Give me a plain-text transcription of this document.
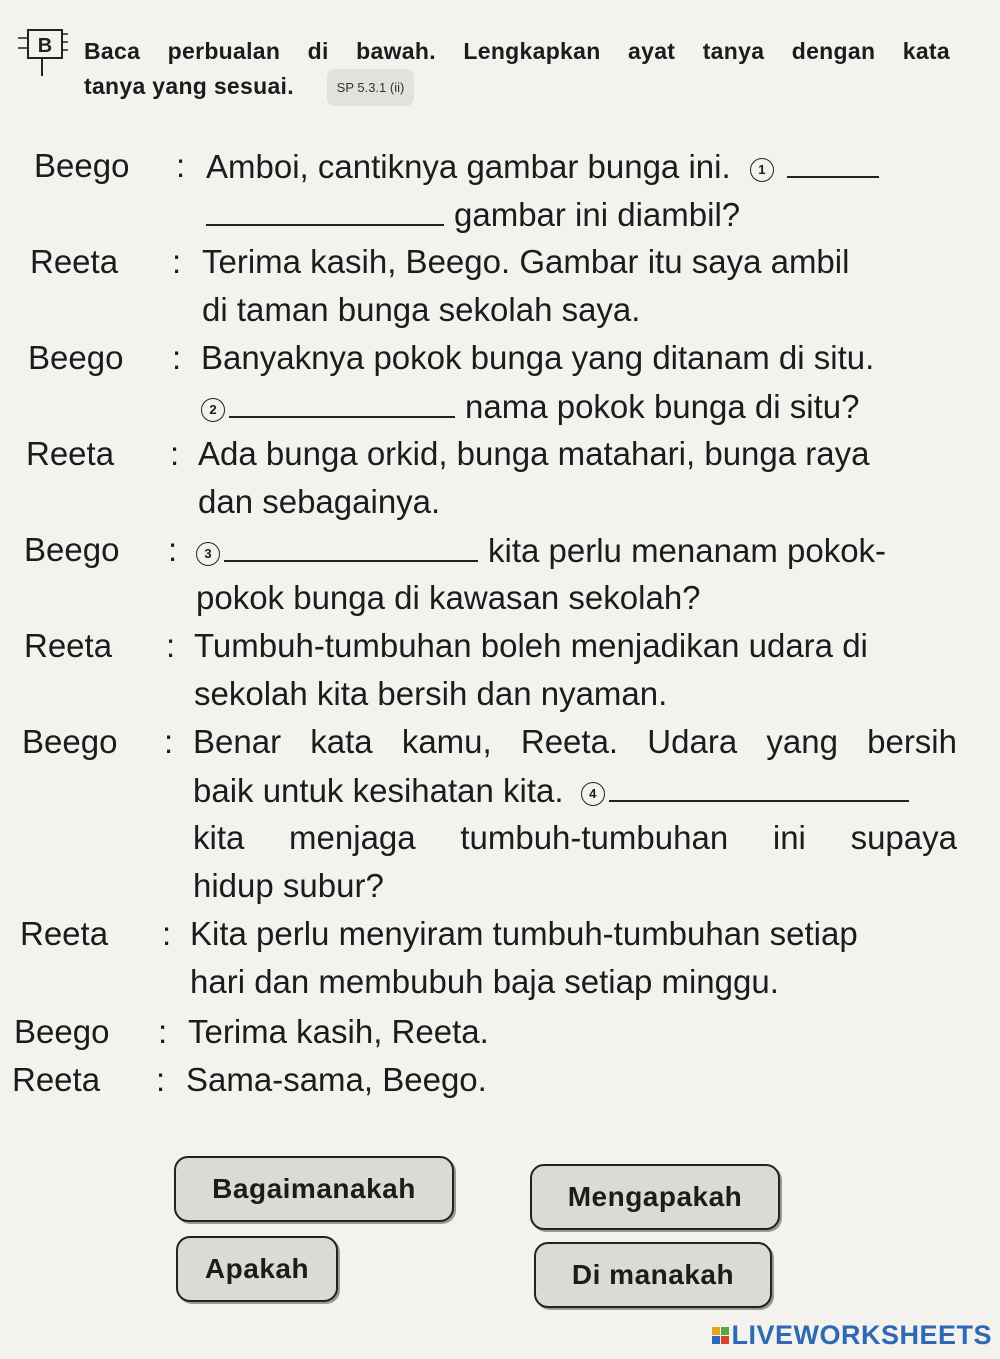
B Baca perbualan di bawah. Lengkapkan ayat tanya dengan kata
tanya yang sesuai.	SP 5.3.1 (ii)
Beego : Amboi, cantiknya gambar bunga ini. 1
gambar ini diambil?
Reeta : Terima kasih, Beego. Gambar itu saya ambil
di taman bunga sekolah saya.
Beego : Banyaknya pokok bunga yang ditanam di situ.
2	nama pokok bunga di situ?
Reeta : Ada bunga orkid, bunga matahari, bunga raya
dan sebagainya.
Beego :	3	kita perlu menanam pokok-
pokok bunga di kawasan sekolah?
Reeta : Tumbuh-tumbuhan boleh menjadikan udara di
sekolah kita bersih dan nyaman.
Beego : Benar kata kamu, Reeta. Udara yang bersih
baik untuk kesihatan kita. 4
kita menjaga tumbuh-tumbuhan ini supaya
hidup subur?
Reeta : Kita perlu menyiram tumbuh-tumbuhan setiap
hari dan membubuh baja setiap minggu.
Beego : Terima kasih, Reeta.
Reeta : Sama-sama, Beego.
Bagaimanakah	Mengapakah
Apakah	Di manakah
LIVEWORKSHEETS
